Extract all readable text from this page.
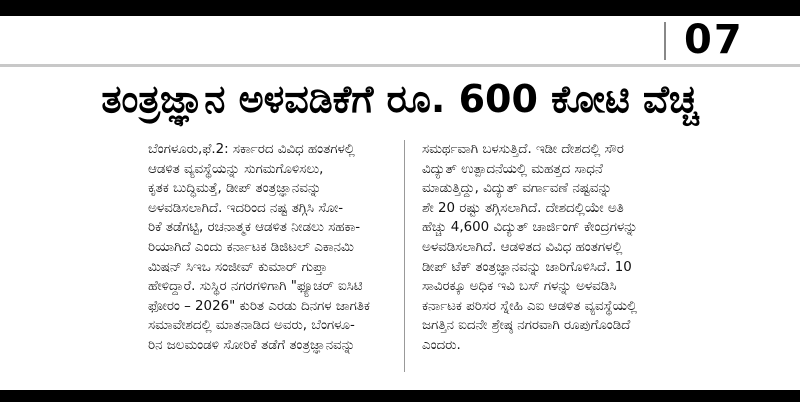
07
ತಂತ್ರಜ್ಞಾನ ಅಳವಡಿಕೆಗೆ ರೂ. 600 ಕೋಟಿ ವೆಚ್ಚ
ಬೆಂಗಳೂರು,ಫೆ.2: ಸರ್ಕಾರದ ವಿವಿಧ ಹಂತಗಳಲ್ಲಿ
ಆಡಳಿತ ವ್ಯವಸ್ಥೆಯನ್ನು ಸುಗಮಗೊಳಿಸಲು,
ಕೃತಕ ಬುದ್ಧಿಮತ್ತೆ, ಡೀಪ್ ತಂತ್ರಜ್ಞಾನವನ್ನು
ಅಳವಡಿಸಲಾಗಿದೆ. ಇದರಿಂದ ನಷ್ಟ ತಗ್ಗಿಸಿ ಸೋ-
ರಿಕೆ ತಡೆಗಟ್ಟಿ, ರಚನಾತ್ಮಕ ಆಡಳಿತ ನೀಡಲು ಸಹಕಾ-
ರಿಯಾಗಿದೆ ಎಂದು ಕರ್ನಾಟಕ ಡಿಜಿಟಲ್ ಎಕಾನಮಿ
ಮಿಷನ್ ಸಿಇಒ ಸಂಜೀವ್ ಕುಮಾರ್ ಗುಪ್ತಾ
ಹೇಳಿದ್ದಾರೆ. ಸುಸ್ಥಿರ ನಗರಗಳಿಗಾಗಿ "ಫ್ಯೂಚರ್ ಐಸಿಟಿ
ಫೋರಂ – 2026" ಕುರಿತ ಎರಡು ದಿನಗಳ ಜಾಗತಿಕ
ಸಮಾವೇಶದಲ್ಲಿ ಮಾತನಾಡಿದ ಅವರು, ಬೆಂಗಳೂ-
ರಿನ ಜಲಮಂಡಳಿ ಸೋರಿಕೆ ತಡೆಗೆ ತಂತ್ರಜ್ಞಾನವನ್ನು
ಸಮರ್ಥವಾಗಿ ಬಳಸುತ್ತಿದೆ. ಇಡೀ ದೇಶದಲ್ಲಿ ಸೌರ
ವಿದ್ಯುತ್ ಉತ್ಪಾದನೆಯಲ್ಲಿ ಮಹತ್ತದ ಸಾಧನೆ
ಮಾಡುತ್ತಿದ್ದು, ವಿದ್ಯುತ್ ವರ್ಗಾವಣೆ ನಷ್ಟವನ್ನು
ಶೇ 20 ರಷ್ಟು ತಗ್ಗಿಸಲಾಗಿದೆ. ದೇಶದಲ್ಲಿಯೇ ಅತಿ
ಹೆಚ್ಚು 4,600 ವಿದ್ಯುತ್ ಚಾರ್ಜಿಂಗ್ ಕೇಂದ್ರಗಳನ್ನು
ಅಳವಡಿಸಲಾಗಿದೆ. ಆಡಳಿತದ ವಿವಿಧ ಹಂತಗಳಲ್ಲಿ
ಡೀಪ್ ಟೆಕ್ ತಂತ್ರಜ್ಞಾನವನ್ನು ಜಾರಿಗೊಳಿಸಿದೆ. 10
ಸಾವಿರಕ್ಕೂ ಅಧಿಕ ಇವಿ ಬಸ್ ಗಳನ್ನು ಅಳವಡಿಸಿ
ಕರ್ನಾಟಕ ಪರಿಸರ ಸ್ನೇಹಿ ಎಐ ಆಡಳಿತ ವ್ಯವಸ್ಥೆಯಲ್ಲಿ
ಜಗತ್ತಿನ ಐದನೇ ಶ್ರೇಷ್ಠ ನಗರವಾಗಿ ರೂಪುಗೊಂಡಿದೆ
ಎಂದರು.
